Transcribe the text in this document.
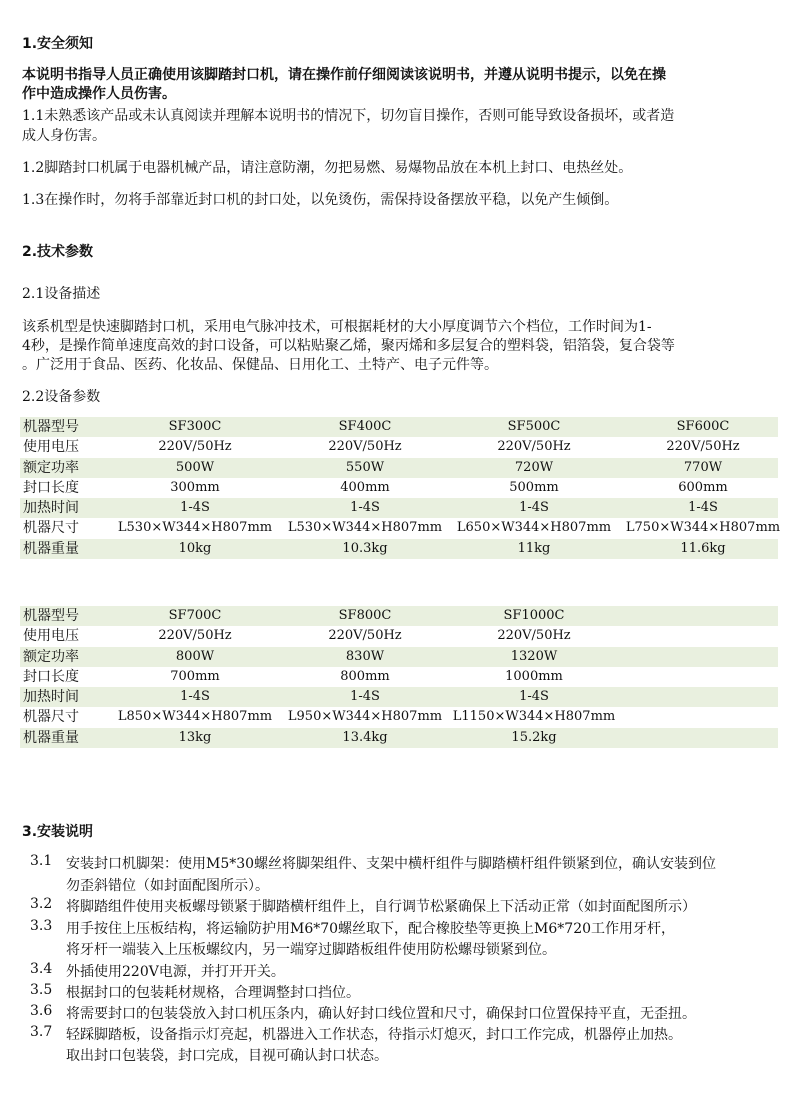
1.安全须知
本说明书指导人员正确使用该脚踏封口机，请在操作前仔细阅读该说明书，并遵从说明书提示，以免在操
作中造成操作人员伤害。
1.1未熟悉该产品或未认真阅读并理解本说明书的情况下，切勿盲目操作，否则可能导致设备损坏，或者造
成人身伤害。
1.2脚踏封口机属于电器机械产品，请注意防潮，勿把易燃、易爆物品放在本机上封口、电热丝处。
1.3在操作时，勿将手部靠近封口机的封口处，以免烫伤，需保持设备摆放平稳，以免产生倾倒。
2.技术参数
2.1设备描述
该系机型是快速脚踏封口机，采用电气脉冲技术，可根据耗材的大小厚度调节六个档位，工作时间为1-
4秒，是操作简单速度高效的封口设备，可以粘贴聚乙烯，聚丙烯和多层复合的塑料袋，铝箔袋，复合袋等
。广泛用于食品、医药、化妆品、保健品、日用化工、土特产、电子元件等。
2.2设备参数
机器型号	SF300C	SF400C	SF500C	SF600C
使用电压	220V/50Hz	220V/50Hz	220V/50Hz	220V/50Hz
额定功率	500W	550W	720W	770W
封口长度	300mm	400mm	500mm	600mm
加热时间	1-4S	1-4S	1-4S	1-4S
机器尺寸	L530×W344×H807mm	L530×W344×H807mm	L650×W344×H807mm	L750×W344×H807mm
机器重量	10kg	10.3kg	11kg	11.6kg
机器型号	SF700C	SF800C	SF1000C
使用电压	220V/50Hz	220V/50Hz	220V/50Hz
额定功率	800W	830W	1320W
封口长度	700mm	800mm	1000mm
加热时间	1-4S	1-4S	1-4S
机器尺寸	L850×W344×H807mm	L950×W344×H807mm L1150×W344×H807mm
机器重量	13kg	13.4kg	15.2kg
3.安装说明
3.1 安装封口机脚架：使用M5*30螺丝将脚架组件、支架中横杆组件与脚踏横杆组件锁紧到位，确认安装到位
勿歪斜错位（如封面配图所示）。
3.2 将脚踏组件使用夹板螺母锁紧于脚踏横杆组件上，自行调节松紧确保上下活动正常（如封面配图所示）
3.3 用手按住上压板结构，将运输防护用M6*70螺丝取下，配合橡胶垫等更换上M6*720工作用牙杆，
将牙杆一端装入上压板螺纹内，另一端穿过脚踏板组件使用防松螺母锁紧到位。
3.4 外插使用220V电源，并打开开关。
3.5 根据封口的包装耗材规格，合理调整封口挡位。
3.6 将需要封口的包装袋放入封口机压条内，确认好封口线位置和尺寸，确保封口位置保持平直，无歪扭。
3.7 轻踩脚踏板，设备指示灯亮起，机器进入工作状态，待指示灯熄灭，封口工作完成，机器停止加热。
取出封口包装袋，封口完成，目视可确认封口状态。
